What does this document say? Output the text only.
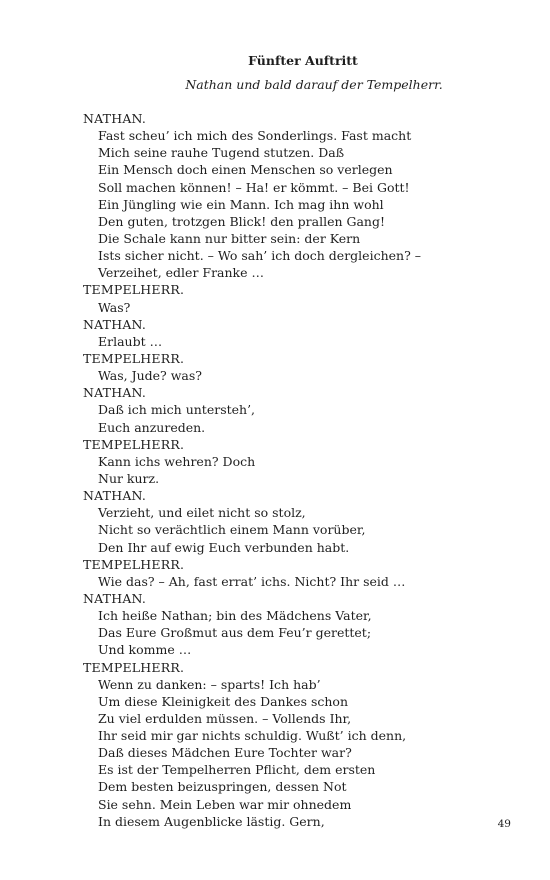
Fünfter Auftritt
Nathan und bald darauf der Tempelherr.
NATHAN.
Fast scheu’ ich mich des Sonderlings. Fast macht
Mich seine rauhe Tugend stutzen. Daß
Ein Mensch doch einen Menschen so verlegen
Soll machen können! – Ha! er kömmt. – Bei Gott!
Ein Jüngling wie ein Mann. Ich mag ihn wohl
Den guten, trotzgen Blick! den prallen Gang!
Die Schale kann nur bitter sein: der Kern
Ists sicher nicht. – Wo sah’ ich doch dergleichen? –
Verzeihet, edler Franke …
TEMPELHERR.
Was?
NATHAN.
Erlaubt …
TEMPELHERR.
Was, Jude? was?
NATHAN.
Daß ich mich untersteh’,
Euch anzureden.
TEMPELHERR.
Kann ichs wehren? Doch
Nur kurz.
NATHAN.
Verzieht, und eilet nicht so stolz,
Nicht so verächtlich einem Mann vorüber,
Den Ihr auf ewig Euch verbunden habt.
TEMPELHERR.
Wie das? – Ah, fast errat’ ichs. Nicht? Ihr seid …
NATHAN.
Ich heiße Nathan; bin des Mädchens Vater,
Das Eure Großmut aus dem Feu’r gerettet;
Und komme …
TEMPELHERR.
Wenn zu danken: – sparts! Ich hab’
Um diese Kleinigkeit des Dankes schon
Zu viel erdulden müssen. – Vollends Ihr,
Ihr seid mir gar nichts schuldig. Wußt’ ich denn,
Daß dieses Mädchen Eure Tochter war?
Es ist der Tempelherren Pflicht, dem ersten
Dem besten beizuspringen, dessen Not
Sie sehn. Mein Leben war mir ohnedem
In diesem Augenblicke lästig. Gern,	49
